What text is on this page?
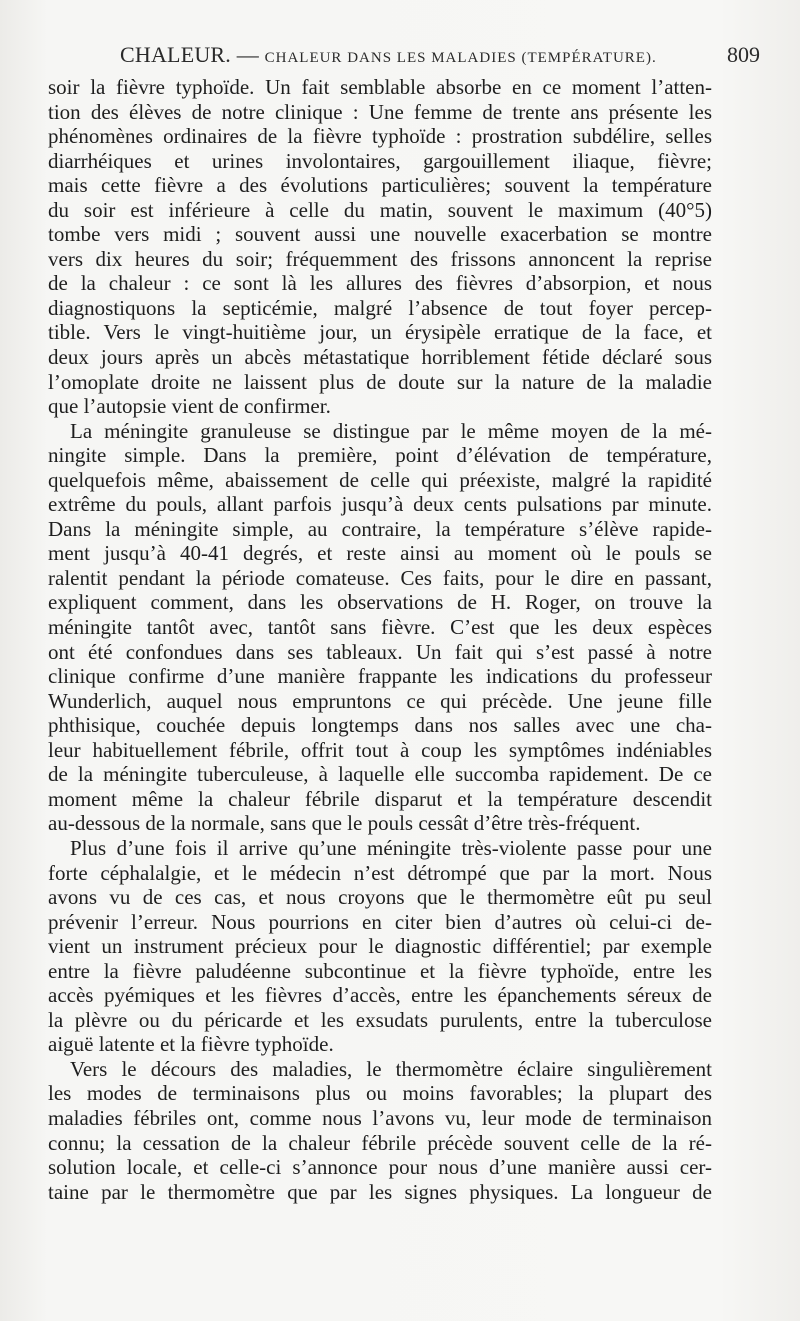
CHALEUR. — CHALEUR DANS LES MALADIES (TEMPÉRATURE).	809
soir la fièvre typhoïde. Un fait semblable absorbe en ce moment l’atten-
tion des élèves de notre clinique : Une femme de trente ans présente les
phénomènes ordinaires de la fièvre typhoïde : prostration subdélire, selles
diarrhéiques et urines involontaires, gargouillement iliaque, fièvre;
mais cette fièvre a des évolutions particulières; souvent la température
du soir est inférieure à celle du matin, souvent le maximum (40°5)
tombe vers midi ; souvent aussi une nouvelle exacerbation se montre
vers dix heures du soir; fréquemment des frissons annoncent la reprise
de la chaleur : ce sont là les allures des fièvres d’absorpion, et nous
diagnostiquons la septicémie, malgré l’absence de tout foyer percep-
tible. Vers le vingt-huitième jour, un érysipèle erratique de la face, et
deux jours après un abcès métastatique horriblement fétide déclaré sous
l’omoplate droite ne laissent plus de doute sur la nature de la maladie
que l’autopsie vient de confirmer.
La méningite granuleuse se distingue par le même moyen de la mé-
ningite simple. Dans la première, point d’élévation de température,
quelquefois même, abaissement de celle qui préexiste, malgré la rapidité
extrême du pouls, allant parfois jusqu’à deux cents pulsations par minute.
Dans la méningite simple, au contraire, la température s’élève rapide-
ment jusqu’à 40-41 degrés, et reste ainsi au moment où le pouls se
ralentit pendant la période comateuse. Ces faits, pour le dire en passant,
expliquent comment, dans les observations de H. Roger, on trouve la
méningite tantôt avec, tantôt sans fièvre. C’est que les deux espèces
ont été confondues dans ses tableaux. Un fait qui s’est passé à notre
clinique confirme d’une manière frappante les indications du professeur
Wunderlich, auquel nous empruntons ce qui précède. Une jeune fille
phthisique, couchée depuis longtemps dans nos salles avec une cha-
leur habituellement fébrile, offrit tout à coup les symptômes indéniables
de la méningite tuberculeuse, à laquelle elle succomba rapidement. De ce
moment même la chaleur fébrile disparut et la température descendit
au-dessous de la normale, sans que le pouls cessât d’être très-fréquent.
Plus d’une fois il arrive qu’une méningite très-violente passe pour une
forte céphalalgie, et le médecin n’est détrompé que par la mort. Nous
avons vu de ces cas, et nous croyons que le thermomètre eût pu seul
prévenir l’erreur. Nous pourrions en citer bien d’autres où celui-ci de-
vient un instrument précieux pour le diagnostic différentiel; par exemple
entre la fièvre paludéenne subcontinue et la fièvre typhoïde, entre les
accès pyémiques et les fièvres d’accès, entre les épanchements séreux de
la plèvre ou du péricarde et les exsudats purulents, entre la tuberculose
aiguë latente et la fièvre typhoïde.
Vers le décours des maladies, le thermomètre éclaire singulièrement
les modes de terminaisons plus ou moins favorables; la plupart des
maladies fébriles ont, comme nous l’avons vu, leur mode de terminaison
connu; la cessation de la chaleur fébrile précède souvent celle de la ré-
solution locale, et celle-ci s’annonce pour nous d’une manière aussi cer-
taine par le thermomètre que par les signes physiques. La longueur de
